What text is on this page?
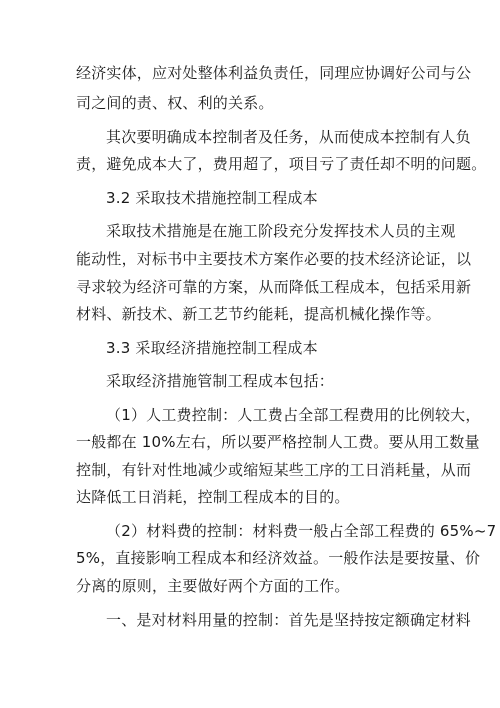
经济实体，应对处整体利益负责任，同理应协调好公司与公
司之间的责、权、利的关系。
其次要明确成本控制者及任务，从而使成本控制有人负
责，避免成本大了，费用超了，项目亏了责任却不明的问题。
3.2 采取技术措施控制工程成本
采取技术措施是在施工阶段充分发挥技术人员的主观
能动性，对标书中主要技术方案作必要的技术经济论证，以
寻求较为经济可靠的方案，从而降低工程成本，包括采用新
材料、新技术、新工艺节约能耗，提高机械化操作等。
3.3 采取经济措施控制工程成本
采取经济措施管制工程成本包括：
（1）人工费控制：人工费占全部工程费用的比例较大，
一般都在 10%左右，所以要严格控制人工费。要从用工数量
控制，有针对性地减少或缩短某些工序的工日消耗量，从而
达降低工日消耗，控制工程成本的目的。
（2）材料费的控制：材料费一般占全部工程费的 65%~7
5%，直接影响工程成本和经济效益。一般作法是要按量、价
分离的原则，主要做好两个方面的工作。
一、是对材料用量的控制：首先是坚持按定额确定材料
